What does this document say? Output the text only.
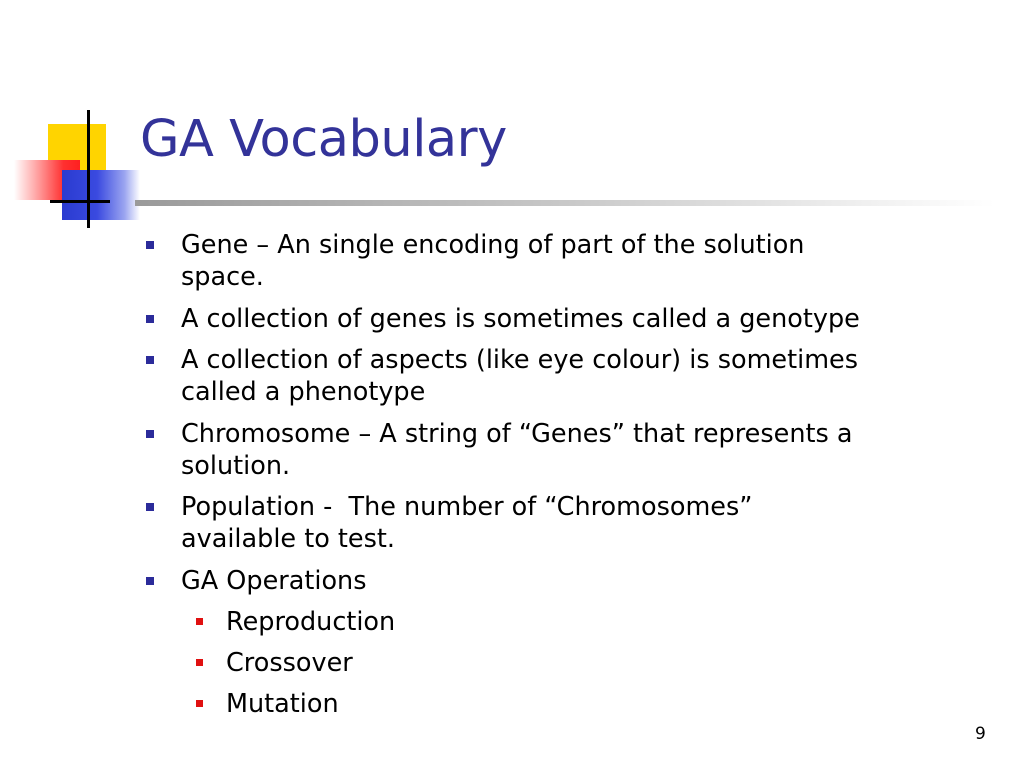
GA Vocabulary
Gene – An single encoding of part of the solution
space.
A collection of genes is sometimes called a genotype
A collection of aspects (like eye colour) is sometimes
called a phenotype
Chromosome – A string of “Genes” that represents a
solution.
Population -  The number of “Chromosomes”
available to test.
GA Operations
Reproduction
Crossover
Mutation
9
